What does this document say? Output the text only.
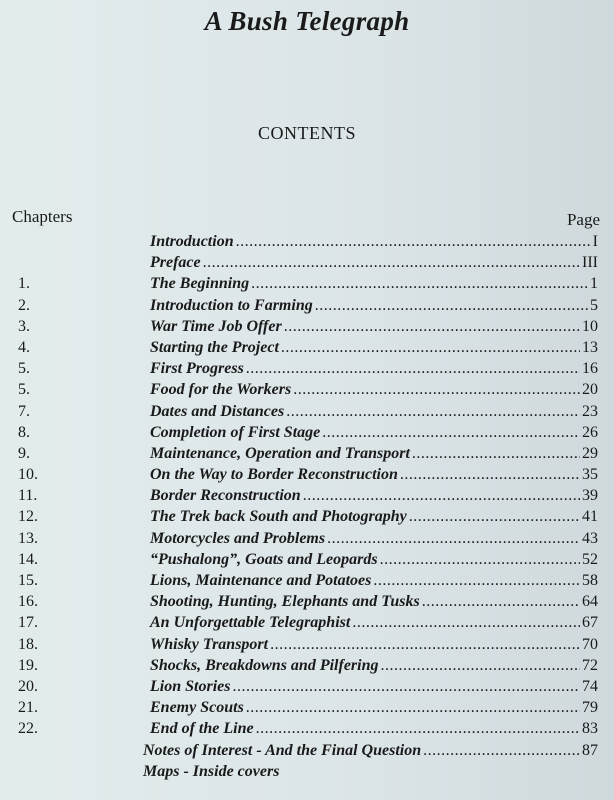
A Bush Telegraph
CONTENTS
Chapters	Page
Introduction .....	I
Preface .....	III
1.	The Beginning .....	1
2.	Introduction to Farming .....	5
3.	War Time Job Offer .....	10
4.	Starting the Project .....	13
5.	First Progress .....	16
5.	Food for the Workers .....	20
7.	Dates and Distances .....	23
8.	Completion of First Stage .....	26
9.	Maintenance, Operation and Transport .....	29
10.	On the Way to Border Reconstruction .....	35
11.	Border Reconstruction .....	39
12.	The Trek back South and Photography .....	41
13.	Motorcycles and Problems .....	43
14.	“Pushalong”, Goats and Leopards .....	52
15.	Lions, Maintenance and Potatoes .....	58
16.	Shooting, Hunting, Elephants and Tusks .....	64
17.	An Unforgettable Telegraphist .....	67
18.	Whisky Transport .....	70
19.	Shocks, Breakdowns and Pilfering .....	72
20.	Lion Stories .....	74
21.	Enemy Scouts .....	79
22.	End of the Line .....	83
Notes of Interest - And the Final Question .....	87
Maps - Inside covers
